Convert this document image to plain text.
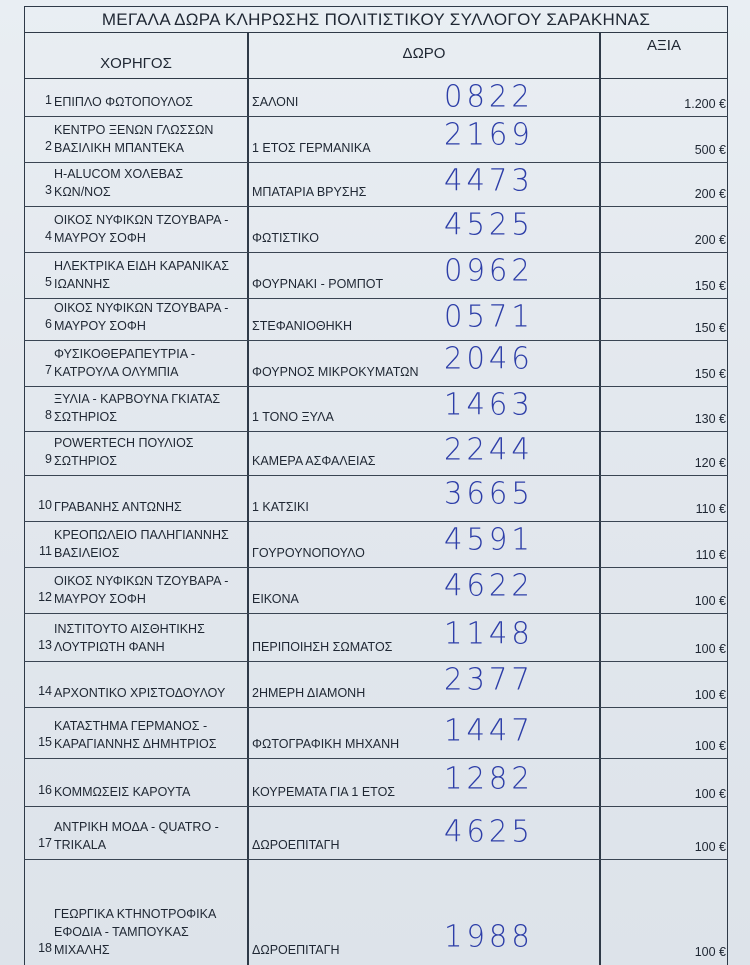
ΜΕΓΑΛΑ ΔΩΡΑ ΚΛΗΡΩΣΗΣ ΠΟΛΙΤΙΣΤΙΚΟΥ ΣΥΛΛΟΓΟΥ ΣΑΡΑΚΗΝΑΣ
ΧΟΡΗΓΟΣ
ΔΩΡΟ	ΑΞΙΑ
1 ΕΠΙΠΛΟ ΦΩΤΟΠΟΥΛΟΣ	ΣΑΛΟΝΙ	0822	1.200 €
2
ΚΕΝΤΡΟ ΞΕΝΩΝ ΓΛΩΣΣΩΝ
ΒΑΣΙΛΙΚΗ ΜΠΑΝΤΕΚΑ	1 ΕΤΟΣ ΓΕΡΜΑΝΙΚΑ	2169	500 €
3
H-ALUCOM ΧΟΛΕΒΑΣ
ΚΩΝ/ΝΟΣ	ΜΠΑΤΑΡΙΑ ΒΡΥΣΗΣ	4473	200 €
4
ΟΙΚΟΣ ΝΥΦΙΚΩΝ ΤΖΟΥΒΑΡΑ -
ΜΑΥΡΟΥ ΣΟΦΗ	ΦΩΤΙΣΤΙΚΟ	4525	200 €
5
ΗΛΕΚΤΡΙΚΑ ΕΙΔΗ ΚΑΡΑΝΙΚΑΣ
ΙΩΑΝΝΗΣ	ΦΟΥΡΝΑΚΙ - ΡΟΜΠΟΤ	0962	150 €
6
ΟΙΚΟΣ ΝΥΦΙΚΩΝ ΤΖΟΥΒΑΡΑ -
ΜΑΥΡΟΥ ΣΟΦΗ	ΣΤΕΦΑΝΙΟΘΗΚΗ	0571	150 €
7
ΦΥΣΙΚΟΘΕΡΑΠΕΥΤΡΙΑ -
ΚΑΤΡΟΥΛΑ ΟΛΥΜΠΙΑ	ΦΟΥΡΝΟΣ ΜΙΚΡΟΚΥΜΑΤΩΝ 2046	150 €
8
ΞΥΛΙΑ - ΚΑΡΒΟΥΝΑ ΓΚΙΑΤΑΣ
ΣΩΤΗΡΙΟΣ	1 ΤΟΝΟ ΞΥΛΑ	1463	130 €
9
POWERTECH ΠΟΥΛΙΟΣ
ΣΩΤΗΡΙΟΣ	ΚΑΜΕΡΑ ΑΣΦΑΛΕΙΑΣ	2244	120 €
10 ΓΡΑΒΑΝΗΣ ΑΝΤΩΝΗΣ	1 ΚΑΤΣΙΚΙ	3665	110 €
11
ΚΡΕΟΠΩΛΕΙΟ ΠΑΛΗΓΙΑΝΝΗΣ
ΒΑΣΙΛΕΙΟΣ	ΓΟΥΡΟΥΝΟΠΟΥΛΟ	4591	110 €
12
ΟΙΚΟΣ ΝΥΦΙΚΩΝ ΤΖΟΥΒΑΡΑ -
ΜΑΥΡΟΥ ΣΟΦΗ	ΕΙΚΟΝΑ	4622	100 €
13
ΙΝΣΤΙΤΟΥΤΟ ΑΙΣΘΗΤΙΚΗΣ
ΛΟΥΤΡΙΩΤΗ ΦΑΝΗ	ΠΕΡΙΠΟΙΗΣΗ ΣΩΜΑΤΟΣ	1148	100 €
14 ΑΡΧΟΝΤΙΚΟ ΧΡΙΣΤΟΔΟΥΛΟΥ	2ΗΜΕΡΗ ΔΙΑΜΟΝΗ	2377	100 €
15
ΚΑΤΑΣΤΗΜΑ ΓΕΡΜΑΝΟΣ -
ΚΑΡΑΓΙΑΝΝΗΣ ΔΗΜΗΤΡΙΟΣ	ΦΩΤΟΓΡΑΦΙΚΗ ΜΗΧΑΝΗ	1447	100 €
16 ΚΟΜΜΩΣΕΙΣ ΚΑΡΟΥΤΑ	ΚΟΥΡΕΜΑΤΑ ΓΙΑ 1 ΕΤΟΣ	1282	100 €
17
ΑΝΤΡΙΚΗ ΜΟΔΑ - QUATRO -
TRIKALA	ΔΩΡΟΕΠΙΤΑΓΗ	4625	100 €
18
ΓΕΩΡΓΙΚΑ ΚΤΗΝΟΤΡΟΦΙΚΑ
ΕΦΟΔΙΑ - ΤΑΜΠΟΥΚΑΣ
ΜΙΧΑΛΗΣ	ΔΩΡΟΕΠΙΤΑΓΗ	1988	100 €
